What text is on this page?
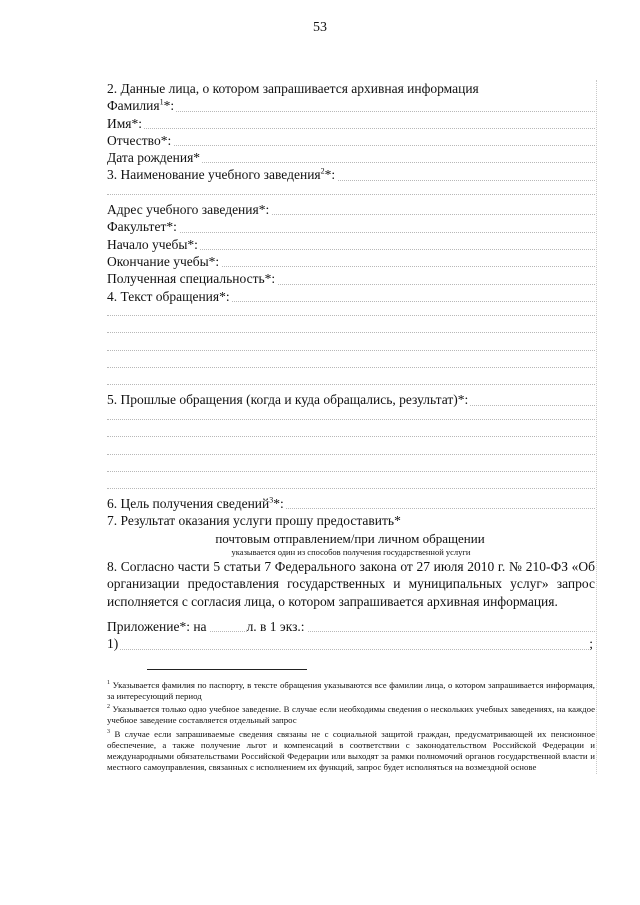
53
2. Данные лица, о котором запрашивается архивная информация
Фамилия$^1$*:
Имя*:
Отчество*:
Дата рождения*
3. Наименование учебного заведения$^2$*:
Адрес учебного заведения*:
Факультет*:
Начало учебы*:
Окончание учебы*:
Полученная специальность*:
4. Текст обращения*:
5. Прошлые обращения (когда и куда обращались, результат)*:
6. Цель получения сведений$^3$*:
7. Результат оказания услуги прошу предоставить*
почтовым отправлением/при личном обращении
указывается один из способов получения государственной услуги
8. Согласно части 5 статьи 7 Федерального закона от 27 июля 2010 г. № 210-ФЗ «Об организации предоставления государственных и муниципальных услуг» запрос исполняется с согласия лица, о котором запрашивается архивная информация.
Приложение*: на	л. в 1 экз.:
1)	;
$^1$ Указывается фамилия по паспорту, в тексте обращения указываются все фамилии лица, о котором запрашивается информация, за интересующий период
$^2$ Указывается только одно учебное заведение. В случае если необходимы сведения о нескольких учебных заведениях, на каждое учебное заведение составляется отдельный запрос
$^3$ В случае если запрашиваемые сведения связаны не с социальной защитой граждан, предусматривающей их пенсионное обеспечение, а также получение льгот и компенсаций в соответствии с законодательством Российской Федерации и международными обязательствами Российской Федерации или выходят за рамки полномочий органов государственной власти и местного самоуправления, связанных с исполнением их функций, запрос будет исполняться на возмездной основе
